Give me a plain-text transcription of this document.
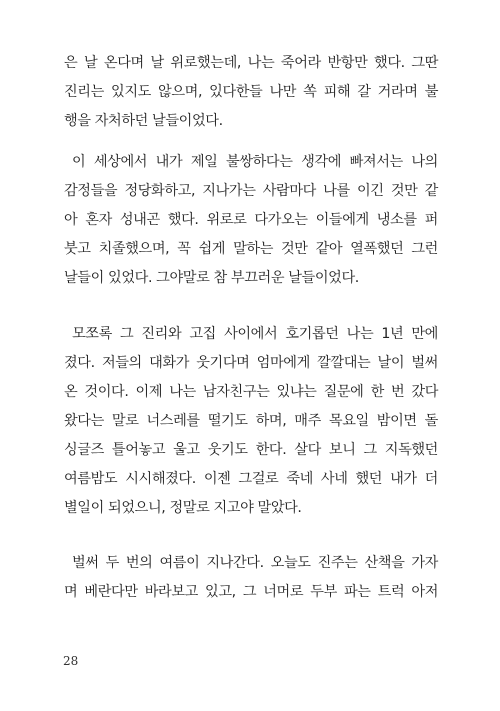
은 날 온다며 날 위로했는데, 나는 죽어라 반항만 했다. 그딴
진리는 있지도 않으며, 있다한들 나만 쏙 피해 갈 거라며 불
행을 자처하던 날들이었다.
이 세상에서 내가 제일 불쌍하다는 생각에 빠져서는 나의
감정들을 정당화하고, 지나가는 사람마다 나를 이긴 것만 같
아 혼자 성내곤 했다. 위로로 다가오는 이들에게 냉소를 퍼
붓고 치졸했으며, 꼭 쉽게 말하는 것만 같아 열폭했던 그런
날들이 있었다. 그야말로 참 부끄러운 날들이었다.
모쪼록 그 진리와 고집 사이에서 호기롭던 나는 1년 만에
졌다. 저들의 대화가 웃기다며 엄마에게 깔깔대는 날이 벌써
온 것이다. 이제 나는 남자친구는 있냐는 질문에 한 번 갔다
왔다는 말로 너스레를 떨기도 하며, 매주 목요일 밤이면 돌
싱글즈 틀어놓고 울고 웃기도 한다. 살다 보니 그 지독했던
여름밤도 시시해졌다. 이젠 그걸로 죽네 사네 했던 내가 더
별일이 되었으니, 정말로 지고야 말았다.
벌써 두 번의 여름이 지나간다. 오늘도 진주는 산책을 가자
며 베란다만 바라보고 있고, 그 너머로 두부 파는 트럭 아저
28
